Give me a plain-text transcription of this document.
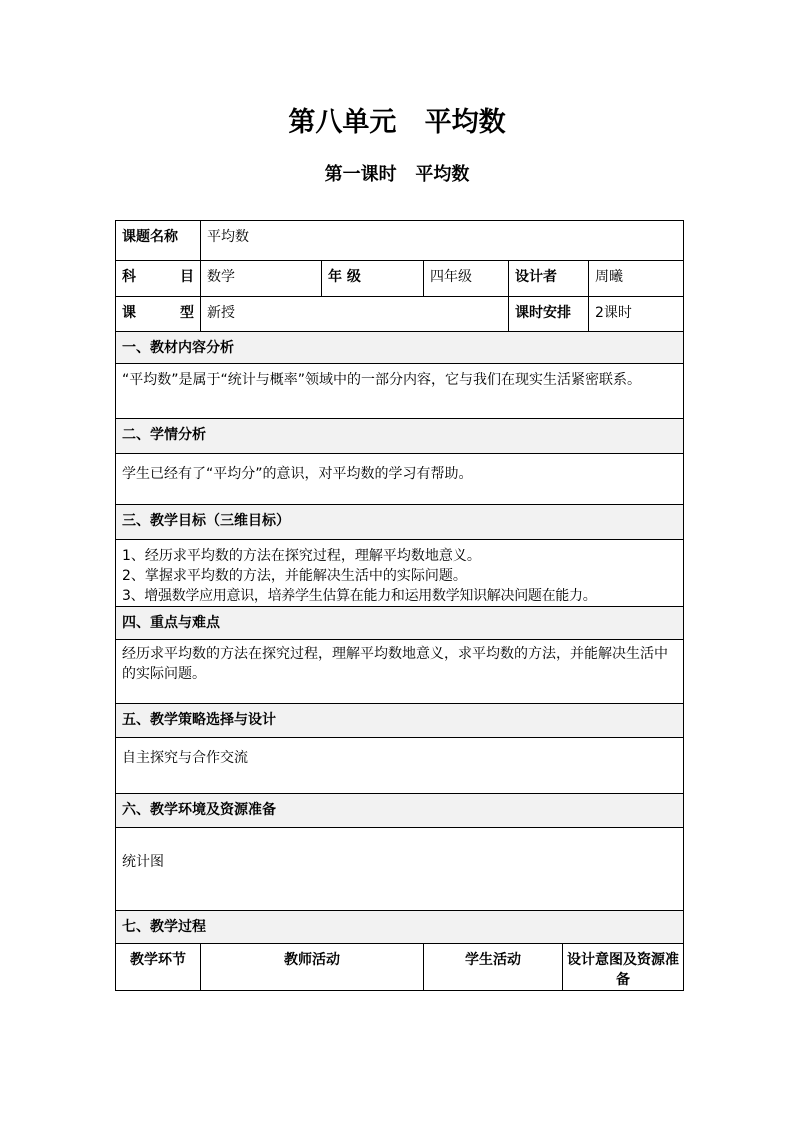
第八单元   平均数
第一课时   平均数
课题名称	平均数					
科 目	数学	年 级	四年级	设计者		周曦
课 型	新授			课时安排		2课时
一、教材内容分析						
“平均数”是属于“统计与概率”领域中的一部分内容，它与我们在现实生活紧密联系。						
二、学情分析						
学生已经有了“平均分”的意识，对平均数的学习有帮助。						
三、教学目标（三维目标）						

1、经历求平均数的方法在探究过程，理解平均数地意义。
2、掌握求平均数的方法，并能解决生活中的实际问题。
3、增强数学应用意识，培养学生估算在能力和运用数学知识解决问题在能力。						

四、重点与难点						
经历求平均数的方法在探究过程，理解平均数地意义，求平均数的方法，并能解决生活中的实际问题。						
五、教学策略选择与设计						
自主探究与合作交流						
六、教学环境及资源准备						
统计图						
七、教学过程						
教学环节	教师活动		学生活动		设计意图及资源准备	
